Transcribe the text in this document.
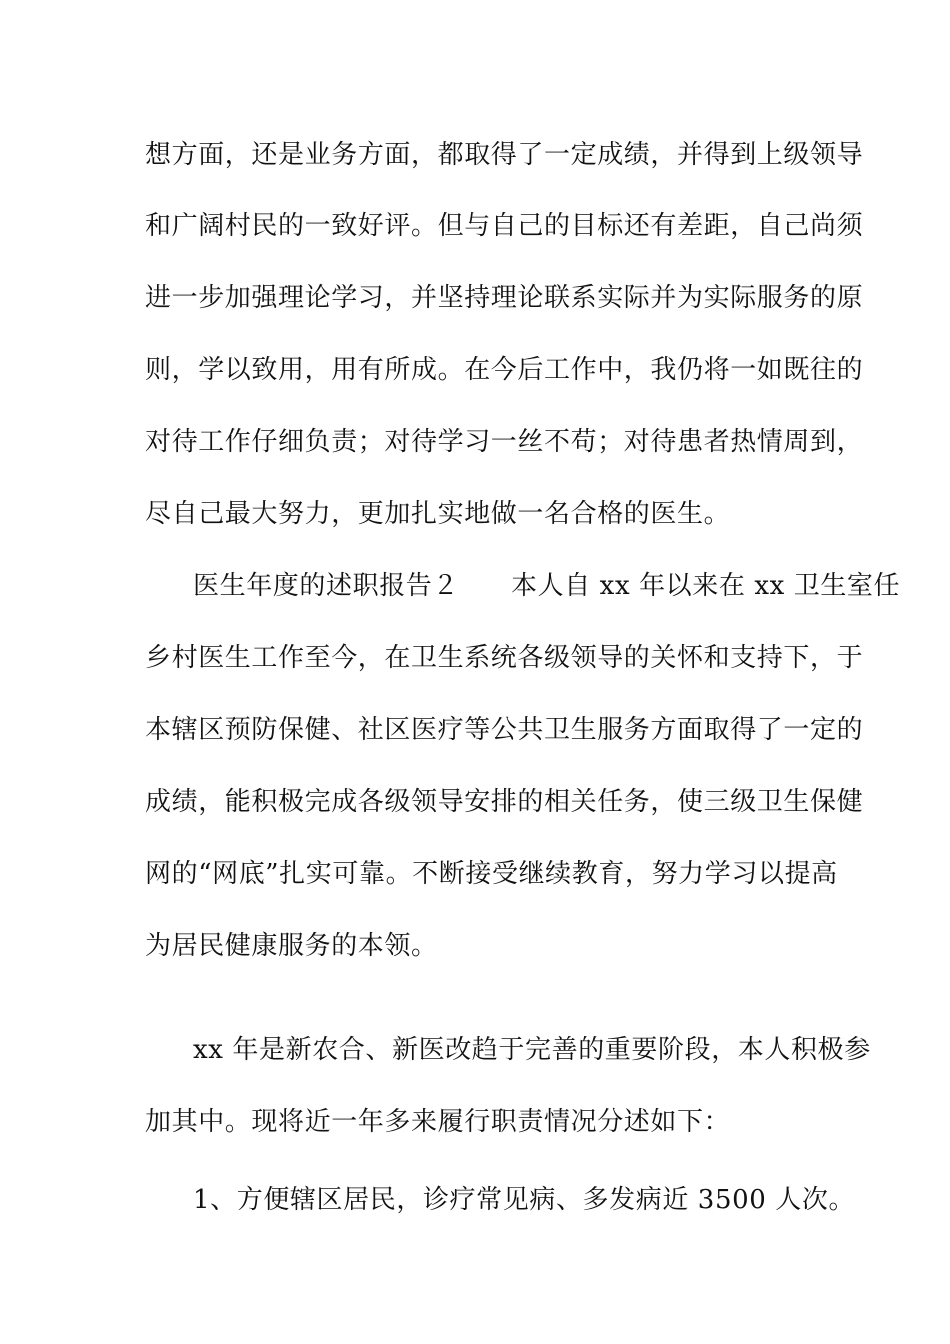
想方面，还是业务方面，都取得了一定成绩，并得到上级领导
和广阔村民的一致好评。但与自己的目标还有差距，自己尚须
进一步加强理论学习，并坚持理论联系实际并为实际服务的原
则，学以致用，用有所成。在今后工作中，我仍将一如既往的
对待工作仔细负责；对待学习一丝不苟；对待患者热情周到，
尽自己最大努力，更加扎实地做一名合格的医生。
医生年度的述职报告２ 本人自 xx 年以来在 xx 卫生室任
乡村医生工作至今，在卫生系统各级领导的关怀和支持下，于
本辖区预防保健、社区医疗等公共卫生服务方面取得了一定的
成绩，能积极完成各级领导安排的相关任务，使三级卫生保健
网的“网底”扎实可靠。不断接受继续教育，努力学习以提高
为居民健康服务的本领。
xx 年是新农合、新医改趋于完善的重要阶段，本人积极参
加其中。现将近一年多来履行职责情况分述如下：
1、方便辖区居民，诊疗常见病、多发病近 3500 人次。
